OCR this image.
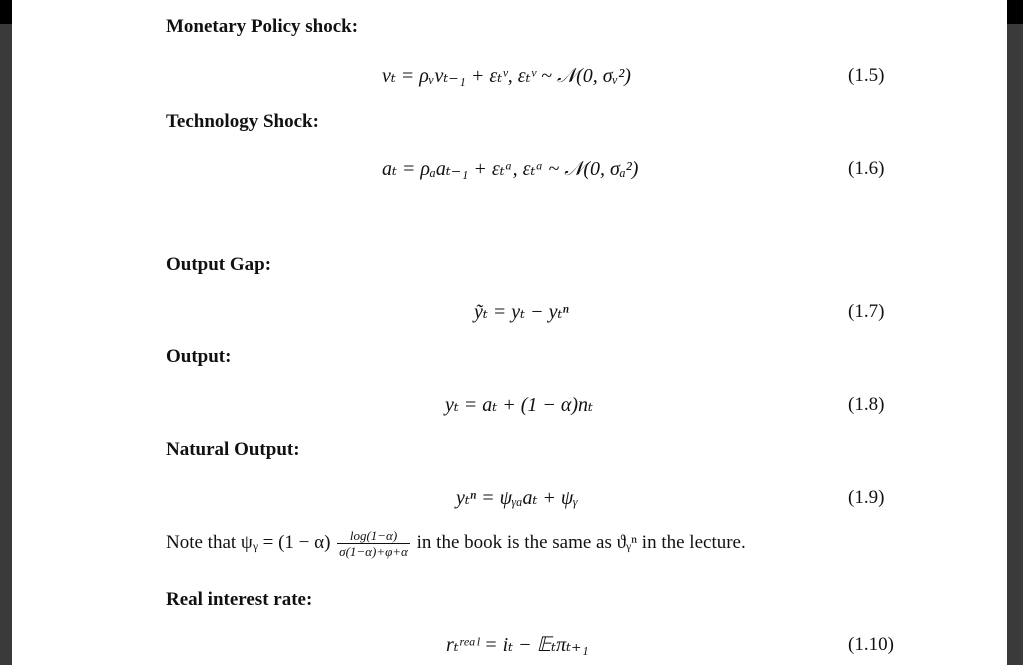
Monetary Policy shock:
νₜ = ρᵥνₜ₋₁ + εₜᵛ, εₜᵛ ~ 𝒩(0, σᵥ²)	(1.5)
Technology Shock:
aₜ = ρₐaₜ₋₁ + εₜᵃ, εₜᵃ ~ 𝒩(0, σₐ²)	(1.6)
Output Gap:
ỹₜ = yₜ − yₜⁿ	(1.7)
Output:
yₜ = aₜ + (1 − α)nₜ	(1.8)
Natural Output:
yₜⁿ = ψᵧₐaₜ + ψᵧ	(1.9)
Note that ψᵧ = $(1 - \alpha) \frac{\log(1-\alpha)}{\sigma(1-\alpha)+\varphi+\alpha}$ in the book is the same as ϑᵧⁿ in the lecture.
Real interest rate:
rₜʳᵉᵃˡ = iₜ − 𝔼ₜπₜ₊₁	(1.10)
